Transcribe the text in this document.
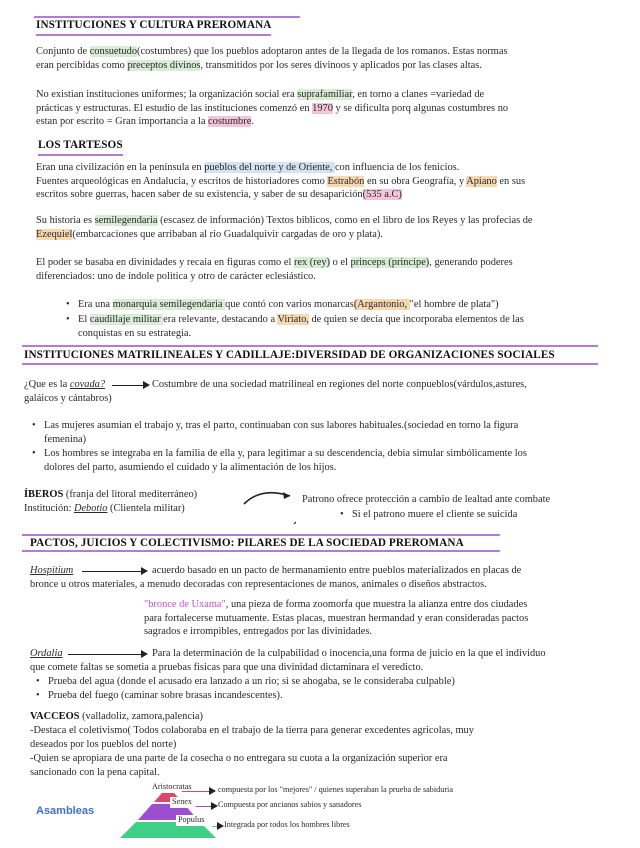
INSTITUCIONES Y CULTURA PREROMANA
Conjunto de consuetudo(costumbres) que los pueblos adoptaron antes de la llegada de los romanos. Estas normas
eran percibidas como preceptos divinos, transmitidos por los seres divinoos y aplicados por las clases altas.
No existian instituciones uniformes; la organización social era suprafamiliar, en torno a clanes =variedad de
prácticas y estructuras. El estudio de las instituciones comenzó en 1970 y se dificulta porq algunas costumbres no
estan por escrito = Gran importancia a la costumbre.
LOS TARTESOS
Eran una civilización en la península en pueblos del norte y de Oriente, con influencia de los fenicios.
Fuentes arqueológicas en Andalucia, y escritos de historiadores como Estrabón en su obra Geografía, y Apiano en sus
escritos sobre guerras, hacen saber de su existencia, y saber de su desaparición(535 a.C)
Su historia es semilegendaria (escasez de información) Textos biblicos, como en el libro de los Reyes y las profecias de
Ezequiel(embarcaciones que arribaban al rio Guadalquivir cargadas de oro y plata).
El poder se basaba en divinidades y recaia en figuras como el rex (rey) o el princeps (principe), generando poderes
diferenciados: uno de índole politica y otro de carácter eclesiástico.
• Era una monarquia semilegendaria que contó con varios monarcas(Argantonio, "el hombre de plata")
• El caudillaje militar era relevante, destacando a Viriato, de quien se decía que incorporaba elementos de las
conquistas en su estrategia.
INSTITUCIONES MATRILINEALES Y CADILLAJE:DIVERSIDAD DE ORGANIZACIONES SOCIALES
¿Que es la covada?	Costumbre de una sociedad matrilineal en regiones del norte conpueblos(várdulos,astures,
galáicos y cántabros)
• Las mujeres asumian el trabajo y, tras el parto, continuaban con sus labores habituales.(sociedad en torno la figura
femenina)
• Los hombres se integraba en la familia de ella y, para legitimar a su descendencia, debia simular simbólicamente los
dolores del parto, asumiendo el cuidado y la alimentación de los hijos.
ÍBEROS (franja del litoral mediterráneo)
Institución: Debotio (Clientela militar)
Patrono ofrece protección a cambio de lealtad ante combate
• Si el patrono muere el cliente se suicida
PACTOS, JUICIOS Y COLECTIVISMO: PILARES DE LA SOCIEDAD PREROMANA
Hospitium	acuerdo basado en un pacto de hermanamiento entre pueblos materializados en placas de
bronce u otros materiales, a menudo decoradas con representaciones de manos, animales o diseños abstractos.
"bronce de Uxama", una pieza de forma zoomorfa que muestra la alianza entre dos ciudades
para fortalecerse mutuamente. Estas placas, muestran hermandad y eran consideradas pactos
sagrados e irrompibles, entregados por las divinidades.
Ordalia	Para la determinación de la culpabilidad o inocencia,una forma de juicio en la que el individuo
que comete faltas se sometia a pruebas fisicas para que una divinidad dictaminara el veredicto.
• Prueba del agua (donde el acusado era lanzado a un rio; si se ahogaba, se le consideraba culpable)
• Prueba del fuego (caminar sobre brasas incandescentes).
VACCEOS (valladoliz, zamora,palencia)
-Destaca el coletivismo( Todos colaboraba en el trabajo de la tierra para generar excedentes agricolas, muy
deseados por los pueblos del norte)
-Quien se apropiara de una parte de la cosecha o no entregara su cuota a la organización superior era
sancionado con la pena capital.
Asambleas
Aristocratas
Senex
Populus
compuesta por los "mejores" / quienes superaban la prueba de sabiduria
Compuesta por ancianos sabios y sanadores
Integrada por todos los hombres libres
